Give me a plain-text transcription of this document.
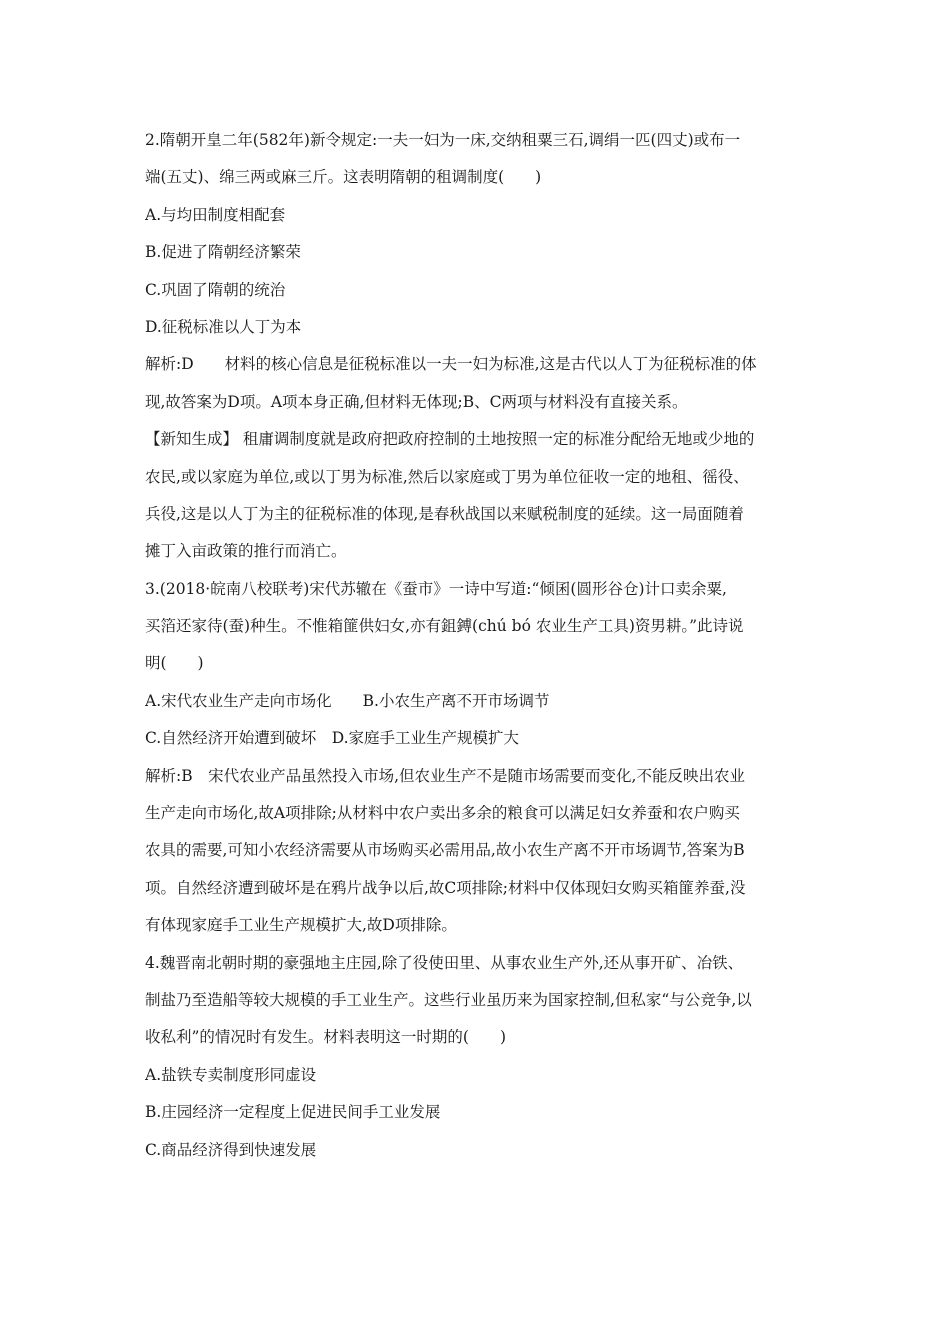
2.隋朝开皇二年(582年)新令规定:一夫一妇为一床,交纳租粟三石,调绢一匹(四丈)或布一
端(五丈)、绵三两或麻三斤。这表明隋朝的租调制度(　　)
A.与均田制度相配套
B.促进了隋朝经济繁荣
C.巩固了隋朝的统治
D.征税标准以人丁为本
解析:D　　材料的核心信息是征税标准以一夫一妇为标准,这是古代以人丁为征税标准的体
现,故答案为D项。A项本身正确,但材料无体现;B、C两项与材料没有直接关系。
【新知生成】 租庸调制度就是政府把政府控制的土地按照一定的标准分配给无地或少地的
农民,或以家庭为单位,或以丁男为标准,然后以家庭或丁男为单位征收一定的地租、徭役、
兵役,这是以人丁为主的征税标准的体现,是春秋战国以来赋税制度的延续。这一局面随着
摊丁入亩政策的推行而消亡。
3.(2018·皖南八校联考)宋代苏辙在《蚕市》一诗中写道:“倾囷(圆形谷仓)计口卖余粟,
买箔还家待(蚕)种生。不惟箱篚供妇女,亦有鉏鎛(chú bó 农业生产工具)资男耕。”此诗说
明(　　)
A.宋代农业生产走向市场化　　B.小农生产离不开市场调节
C.自然经济开始遭到破坏　D.家庭手工业生产规模扩大
解析:B　宋代农业产品虽然投入市场,但农业生产不是随市场需要而变化,不能反映出农业
生产走向市场化,故A项排除;从材料中农户卖出多余的粮食可以满足妇女养蚕和农户购买
农具的需要,可知小农经济需要从市场购买必需用品,故小农生产离不开市场调节,答案为B
项。自然经济遭到破坏是在鸦片战争以后,故C项排除;材料中仅体现妇女购买箱篚养蚕,没
有体现家庭手工业生产规模扩大,故D项排除。
4.魏晋南北朝时期的豪强地主庄园,除了役使田里、从事农业生产外,还从事开矿、冶铁、
制盐乃至造船等较大规模的手工业生产。这些行业虽历来为国家控制,但私家“与公竞争,以
收私利”的情况时有发生。材料表明这一时期的(　　)
A.盐铁专卖制度形同虚设
B.庄园经济一定程度上促进民间手工业发展
C.商品经济得到快速发展
